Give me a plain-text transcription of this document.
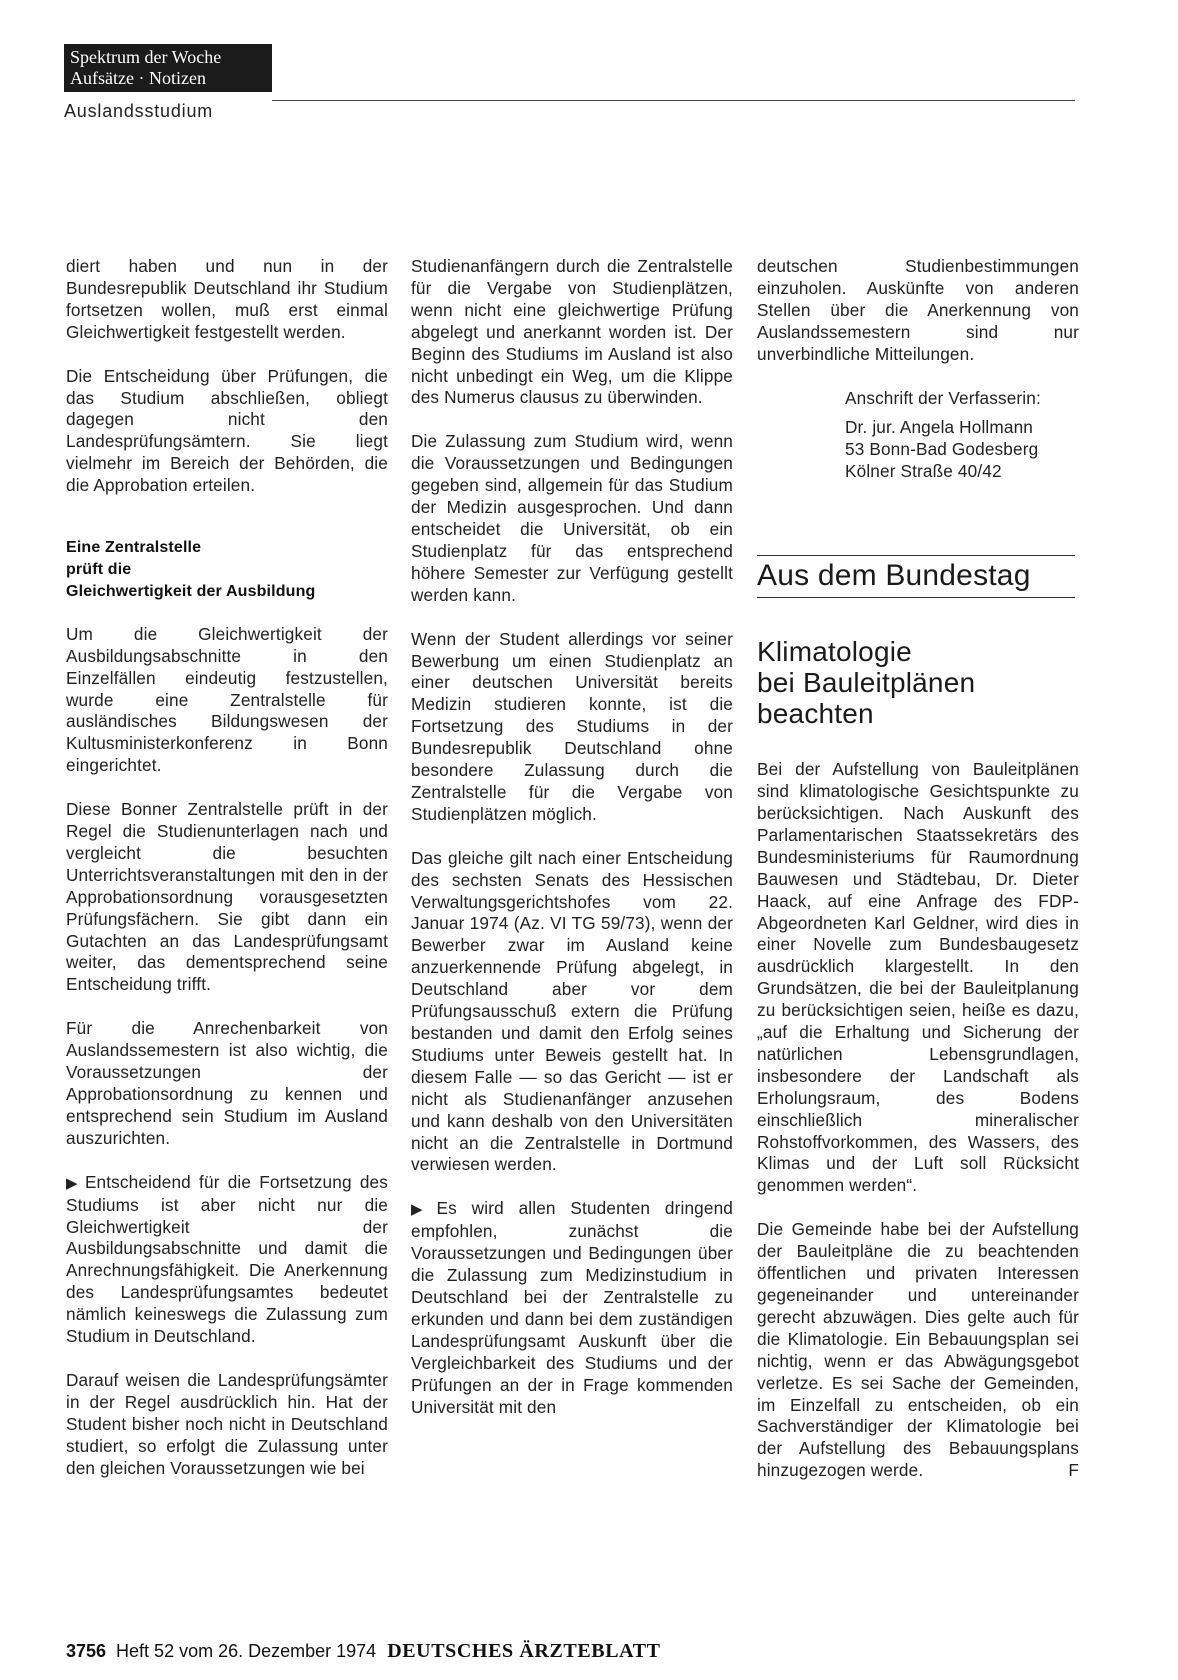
Spektrum der Woche
Aufsätze · Notizen
Auslandsstudium

diert haben und nun in der Bundesrepublik Deutschland ihr Studium fortsetzen wollen, muß erst einmal Gleichwertigkeit festgestellt werden.

Die Entscheidung über Prüfungen, die das Studium abschließen, obliegt dagegen nicht den Landesprüfungsämtern. Sie liegt vielmehr im Bereich der Behörden, die die Approbation erteilen.

Eine Zentralstelle
prüft die
Gleichwertigkeit der Ausbildung

Um die Gleichwertigkeit der Ausbildungsabschnitte in den Einzelfällen eindeutig festzustellen, wurde eine Zentralstelle für ausländisches Bildungswesen der Kultusministerkonferenz in Bonn eingerichtet.

Diese Bonner Zentralstelle prüft in der Regel die Studienunterlagen nach und vergleicht die besuchten Unterrichtsveranstaltungen mit den in der Approbationsordnung vorausgesetzten Prüfungsfächern. Sie gibt dann ein Gutachten an das Landesprüfungsamt weiter, das dementsprechend seine Entscheidung trifft.

Für die Anrechenbarkeit von Auslandssemestern ist also wichtig, die Voraussetzungen der Approbationsordnung zu kennen und entsprechend sein Studium im Ausland auszurichten.

▶ Entscheidend für die Fortsetzung des Studiums ist aber nicht nur die Gleichwertigkeit der Ausbildungsabschnitte und damit die Anrechnungsfähigkeit. Die Anerkennung des Landesprüfungsamtes bedeutet nämlich keineswegs die Zulassung zum Studium in Deutschland.

Darauf weisen die Landesprüfungsämter in der Regel ausdrücklich hin. Hat der Student bisher noch nicht in Deutschland studiert, so erfolgt die Zulassung unter den gleichen Voraussetzungen wie bei

Studienanfängern durch die Zentralstelle für die Vergabe von Studienplätzen, wenn nicht eine gleichwertige Prüfung abgelegt und anerkannt worden ist. Der Beginn des Studiums im Ausland ist also nicht unbedingt ein Weg, um die Klippe des Numerus clausus zu überwinden.

Die Zulassung zum Studium wird, wenn die Voraussetzungen und Bedingungen gegeben sind, allgemein für das Studium der Medizin ausgesprochen. Und dann entscheidet die Universität, ob ein Studienplatz für das entsprechend höhere Semester zur Verfügung gestellt werden kann.

Wenn der Student allerdings vor seiner Bewerbung um einen Studienplatz an einer deutschen Universität bereits Medizin studieren konnte, ist die Fortsetzung des Studiums in der Bundesrepublik Deutschland ohne besondere Zulassung durch die Zentralstelle für die Vergabe von Studienplätzen möglich.

Das gleiche gilt nach einer Entscheidung des sechsten Senats des Hessischen Verwaltungsgerichtshofes vom 22. Januar 1974 (Az. VI TG 59/73), wenn der Bewerber zwar im Ausland keine anzuerkennende Prüfung abgelegt, in Deutschland aber vor dem Prüfungsausschuß extern die Prüfung bestanden und damit den Erfolg seines Studiums unter Beweis gestellt hat. In diesem Falle — so das Gericht — ist er nicht als Studienanfänger anzusehen und kann deshalb von den Universitäten nicht an die Zentralstelle in Dortmund verwiesen werden.

▶ Es wird allen Studenten dringend empfohlen, zunächst die Voraussetzungen und Bedingungen über die Zulassung zum Medizinstudium in Deutschland bei der Zentralstelle zu erkunden und dann bei dem zuständigen Landesprüfungsamt Auskunft über die Vergleichbarkeit des Studiums und der Prüfungen an der in Frage kommenden Universität mit den

deutschen Studienbestimmungen einzuholen. Auskünfte von anderen Stellen über die Anerkennung von Auslandssemestern sind nur unverbindliche Mitteilungen.

Anschrift der Verfasserin:
Dr. jur. Angela Hollmann
53 Bonn-Bad Godesberg
Kölner Straße 40/42
Aus dem Bundestag
Klimatologie
bei Bauleitplänen
beachten

Bei der Aufstellung von Bauleitplänen sind klimatologische Gesichtspunkte zu berücksichtigen. Nach Auskunft des Parlamentarischen Staatssekretärs des Bundesministeriums für Raumordnung Bauwesen und Städtebau, Dr. Dieter Haack, auf eine Anfrage des FDP-Abgeordneten Karl Geldner, wird dies in einer Novelle zum Bundesbaugesetz ausdrücklich klargestellt. In den Grundsätzen, die bei der Bauleitplanung zu berücksichtigen seien, heiße es dazu, „auf die Erhaltung und Sicherung der natürlichen Lebensgrundlagen, insbesondere der Landschaft als Erholungsraum, des Bodens einschließlich mineralischer Rohstoffvorkommen, des Wassers, des Klimas und der Luft soll Rücksicht genommen werden“.

Die Gemeinde habe bei der Aufstellung der Bauleitpläne die zu beachtenden öffentlichen und privaten Interessen gegeneinander und untereinander gerecht abzuwägen. Dies gelte auch für die Klimatologie. Ein Bebauungsplan sei nichtig, wenn er das Abwägungsgebot verletze. Es sei Sache der Gemeinden, im Einzelfall zu entscheiden, ob ein Sachverständiger der Klimatologie bei der Aufstellung des Bebauungsplans hinzugezogen werde.	F

3756 Heft 52 vom 26. Dezember 1974 DEUTSCHES ÄRZTEBLATT
